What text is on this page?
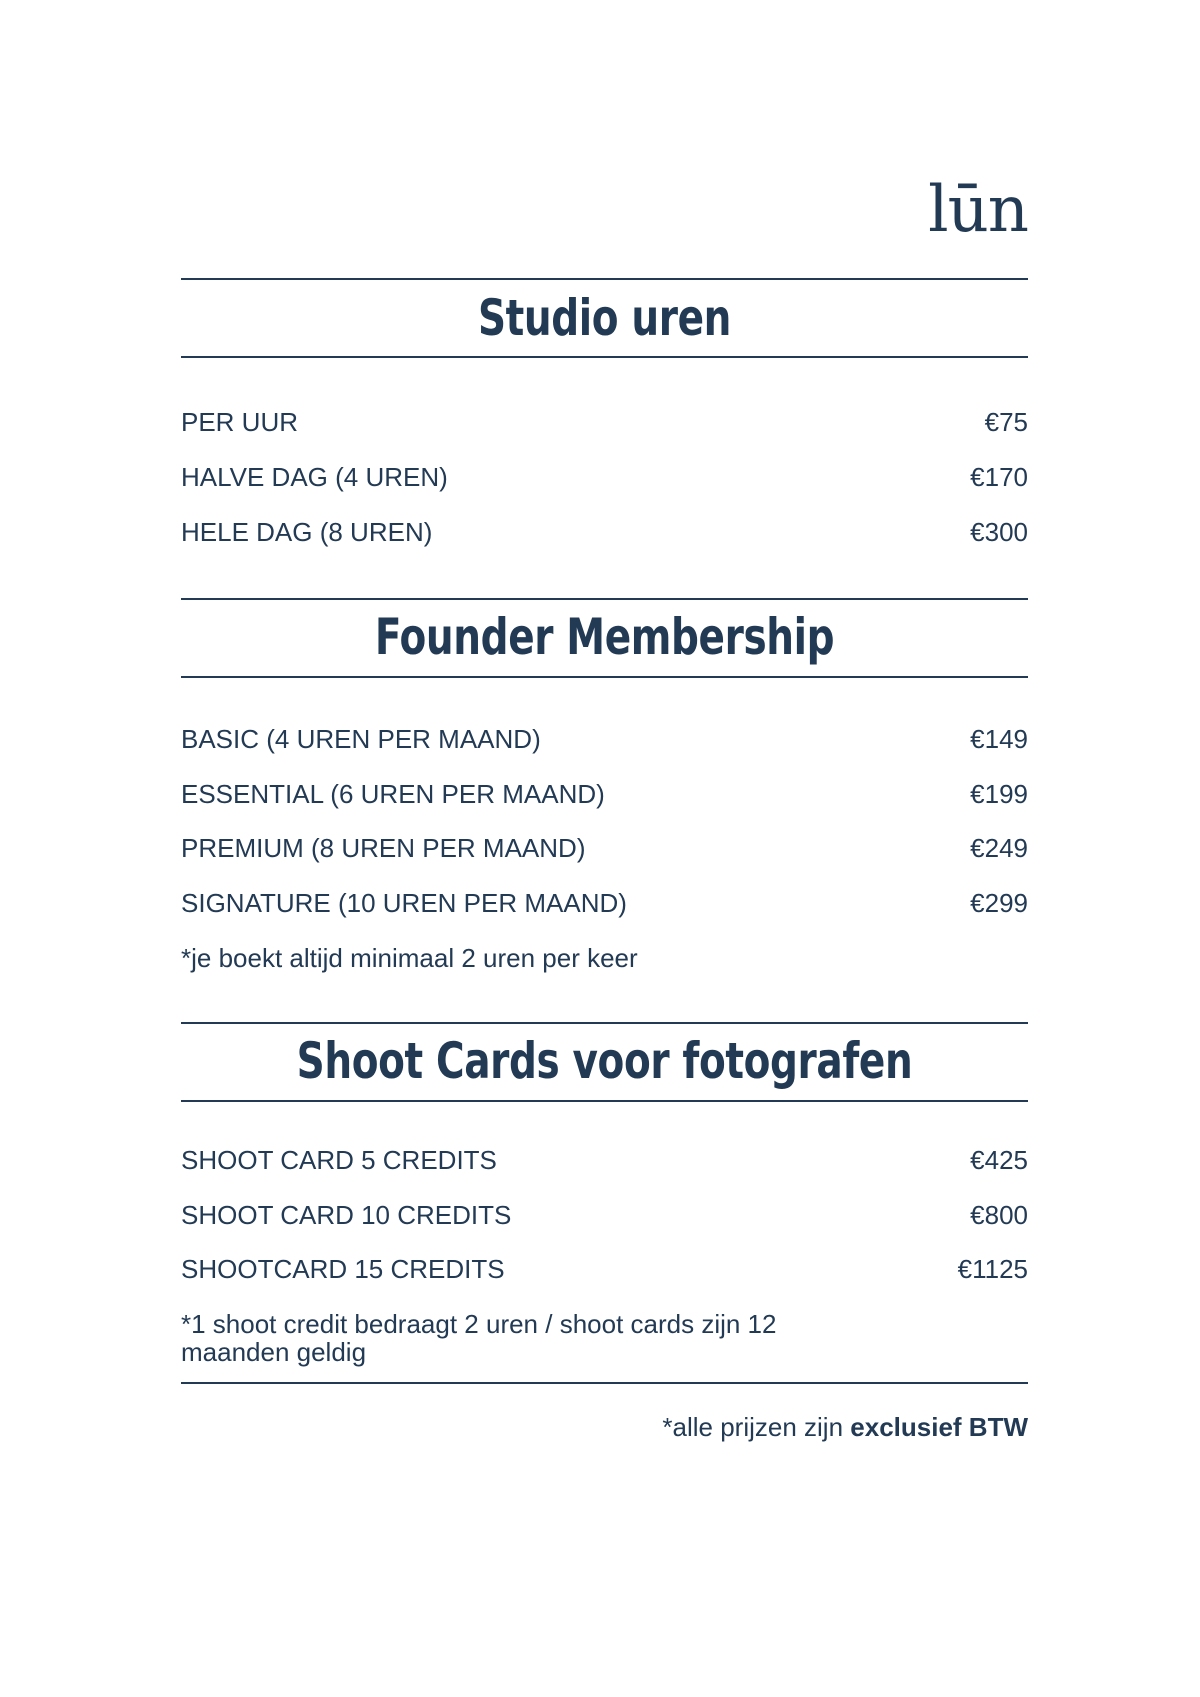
lūn
Studio uren
PER UUR	€75
HALVE DAG (4 UREN)	€170
HELE DAG (8 UREN)	€300
Founder Membership
BASIC (4 UREN PER MAAND)	€149
ESSENTIAL (6 UREN PER MAAND)	€199
PREMIUM (8 UREN PER MAAND)	€249
SIGNATURE (10 UREN PER MAAND)	€299
*je boekt altijd minimaal 2 uren per keer
Shoot Cards voor fotografen
SHOOT CARD 5 CREDITS	€425
SHOOT CARD 10 CREDITS	€800
SHOOTCARD 15 CREDITS	€1125
*1 shoot credit bedraagt 2 uren / shoot cards zijn 12 maanden geldig
*alle prijzen zijn exclusief BTW
